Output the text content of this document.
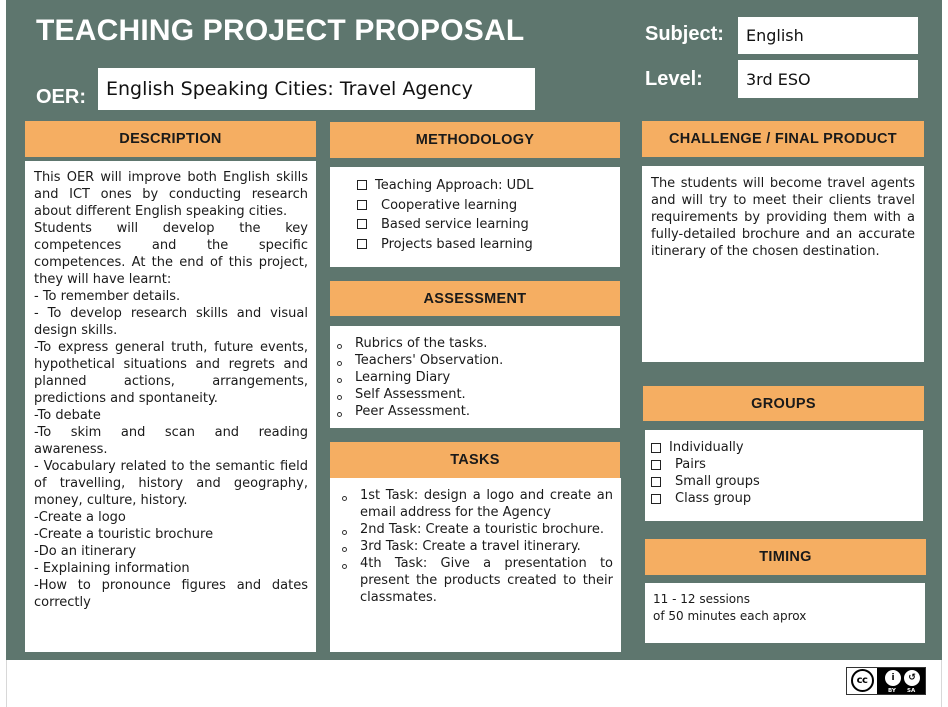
TEACHING PROJECT PROPOSAL	Subject: English
Level:	3rd ESO
OER: English Speaking Cities: Travel Agency
DESCRIPTION

This OER will improve both English skills and ICT ones by conducting research about different English speaking cities.

Students will develop the key competences and the specific competences. At the end of this project, they will have learnt:

- To remember details.

- To develop research skills and visual design skills.

-To express general truth, future events, hypothetical situations and regrets and planned actions, arrangements, predictions and spontaneity.

-To debate

-To skim and scan and reading awareness.

- Vocabulary related to the semantic field of travelling, history and geography, money, culture, history.

-Create a logo

-Create a touristic brochure

-Do an itinerary

- Explaining information

-How to pronounce figures and dates correctly

METHODOLOGY
Teaching Approach: UDL
Cooperative learning
Based service learning
Projects based learning
ASSESSMENT
Rubrics of the tasks.
Teachers' Observation.
Learning Diary
Self Assessment.
Peer Assessment.
TASKS
1st Task: design a logo and create an email address for the Agency
2nd Task: Create a touristic brochure.
3rd Task: Create a travel itinerary.
4th Task: Give a presentation to present the products created to their classmates.
CHALLENGE / FINAL PRODUCT

The students will become travel agents and will try to meet their clients travel requirements by providing them with a fully-detailed brochure and an accurate itinerary of the chosen destination.

GROUPS
Individually
Pairs
Small groups
Class group
TIMING

11 - 12 sessions

of 50 minutes each aprox

cc	i	↺
BY SA
